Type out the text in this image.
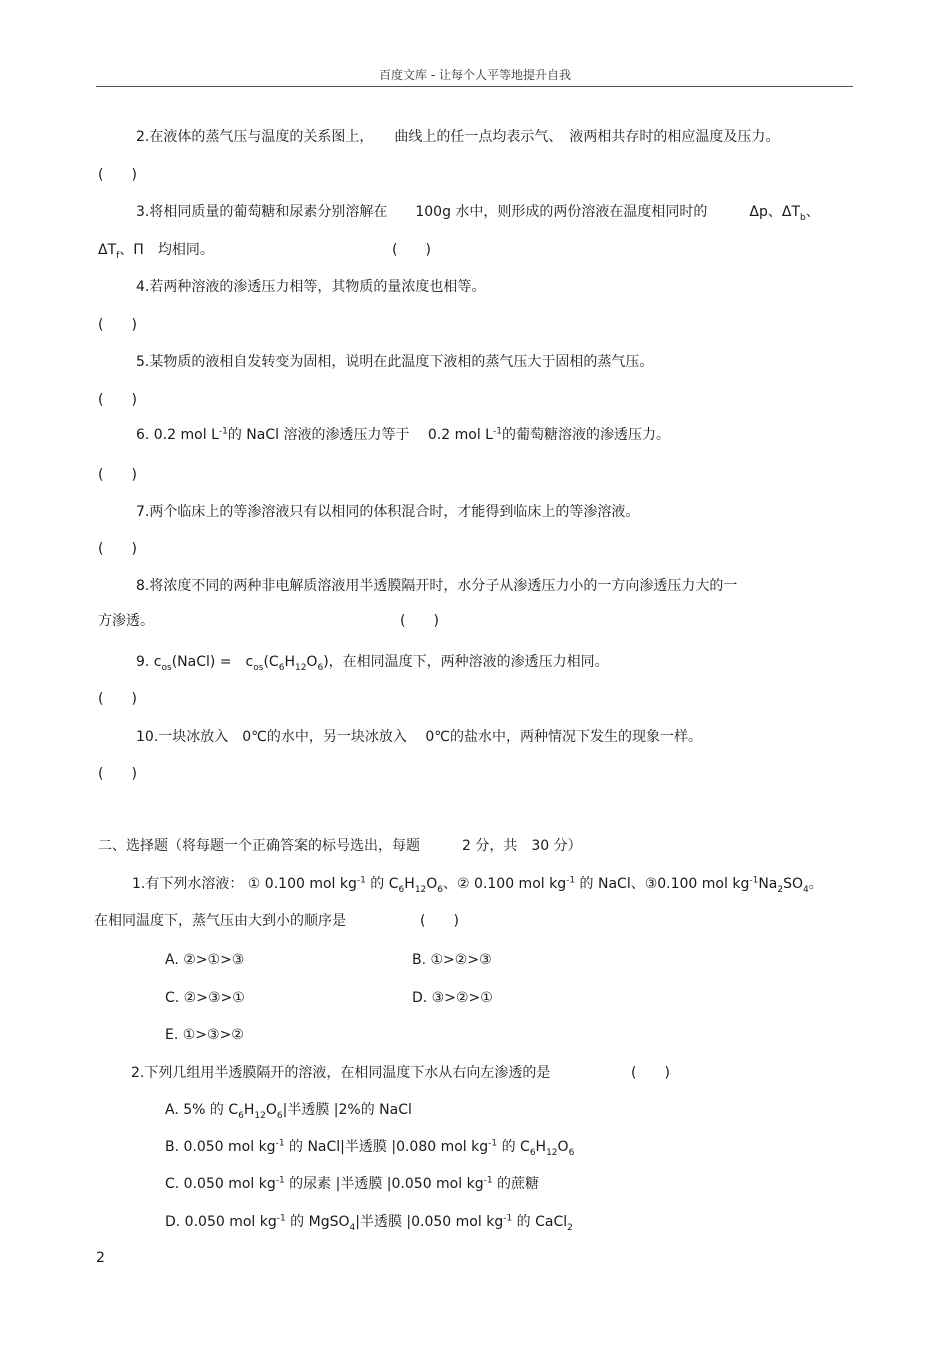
百度文库 - 让每个人平等地提升自我
2.在液体的蒸气压与温度的关系图上，　　曲线上的任一点均表示气、　液两相共存时的相应温度及压力。
(　　)
3.将相同质量的葡萄糖和尿素分别溶解在　　100g 水中，则形成的两份溶液在温度相同时的　　　Δp、$\Delta T_b$、
$\Delta T_f$、Π　均相同。	(　　)
4.若两种溶液的渗透压力相等，其物质的量浓度也相等。
(　　)
5.某物质的液相自发转变为固相，说明在此温度下液相的蒸气压大于固相的蒸气压。
(　　)
6. 0.2 mol $L^{-1}$的 NaCl 溶液的渗透压力等于　 0.2 mol $L^{-1}$的葡萄糖溶液的渗透压力。
(　　)
7.两个临床上的等渗溶液只有以相同的体积混合时，才能得到临床上的等渗溶液。
(　　)
8.将浓度不同的两种非电解质溶液用半透膜隔开时，水分子从渗透压力小的一方向渗透压力大的一
方渗透。	(　　)
9. $c_{os}(NaCl)$ =　$c_{os}(C_6H_{12}O_6)$，在相同温度下，两种溶液的渗透压力相同。
(　　)
10.一块冰放入　0℃的水中，另一块冰放入　 0℃的盐水中，两种情况下发生的现象一样。
(　　)
二、选择题（将每题一个正确答案的标号选出，每题　　　2 分，共　30 分）
1.有下列水溶液： ① 0.100 mol $kg^{-1}$ 的 $C_6H_{12}O_6$、② 0.100 mol $kg^{-1}$ 的 NaCl、③0.100 mol $kg^{-1}Na_2SO_4$。
在相同温度下，蒸气压由大到小的顺序是	(　　)
A. ②>①>③	B. ①>②>③
C. ②>③>①	D. ③>②>①
E. ①>③>②
2.下列几组用半透膜隔开的溶液，在相同温度下水从右向左渗透的是	(　　)
A. 5% 的 $C_6H_{12}O_6|$半透膜 |2%的 NaCl
B. 0.050 mol $kg^{-1}$ 的 NaCl|半透膜 |0.080 mol $kg^{-1}$ 的 $C_6H_{12}O_6$
C. 0.050 mol $kg^{-1}$ 的尿素 |半透膜 |0.050 mol $kg^{-1}$ 的蔗糖
D. 0.050 mol $kg^{-1}$ 的 MgSO$_4$|半透膜 |0.050 mol $kg^{-1}$ 的 CaCl$_2$
2
